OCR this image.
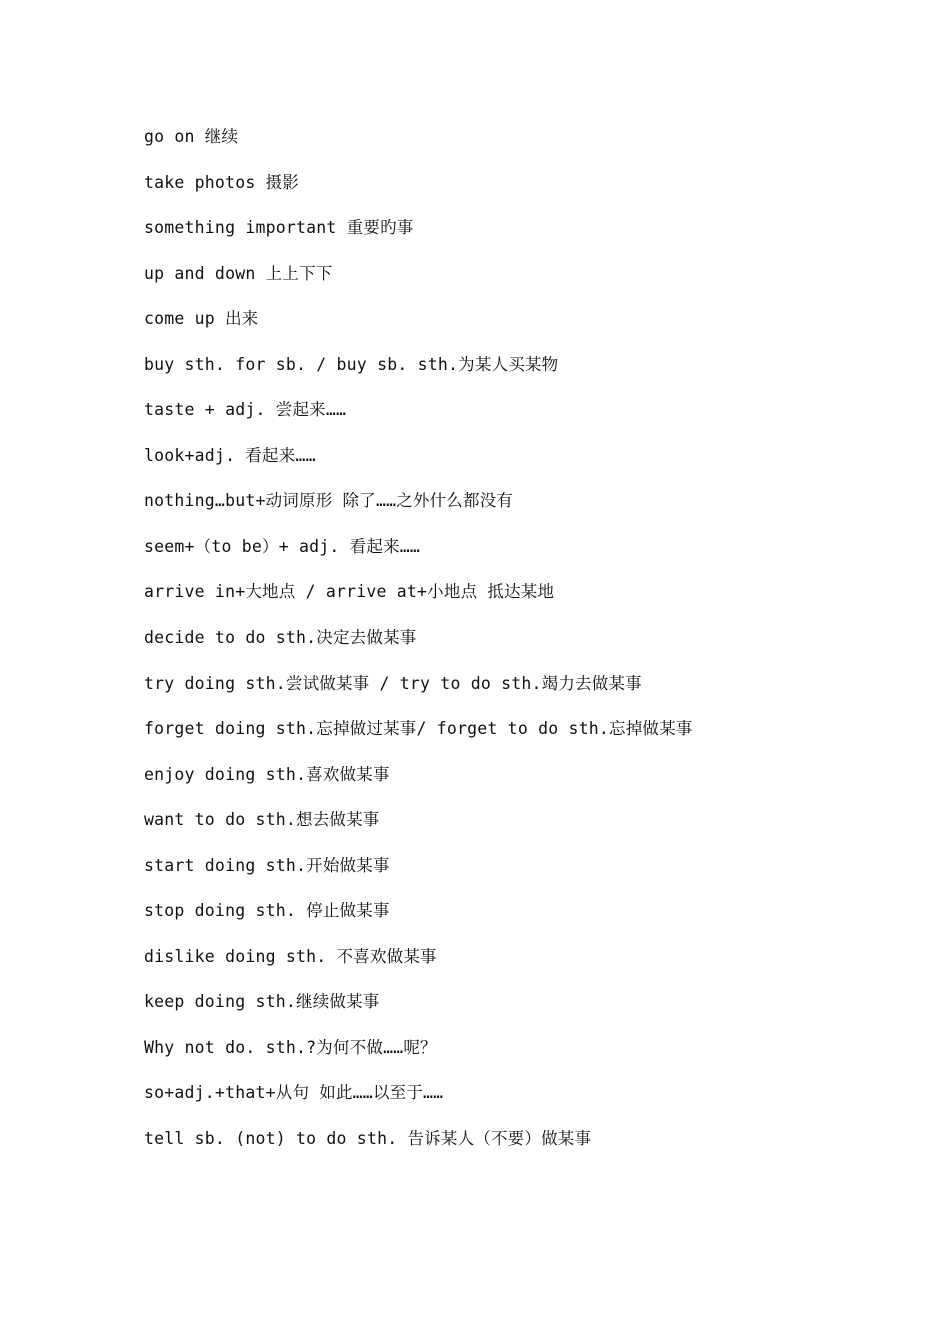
go on 继续
take photos 摄影
something important 重要旳事
up and down 上上下下
come up 出来
buy sth. for sb. / buy sb. sth.为某人买某物
taste + adj. 尝起来……
look+adj. 看起来……
nothing…but+动词原形 除了……之外什么都没有
seem+（to be）+ adj. 看起来……
arrive in+大地点 / arrive at+小地点 抵达某地
decide to do sth.决定去做某事
try doing sth.尝试做某事 / try to do sth.竭力去做某事
forget doing sth.忘掉做过某事/ forget to do sth.忘掉做某事
enjoy doing sth.喜欢做某事
want to do sth.想去做某事
start doing sth.开始做某事
stop doing sth. 停止做某事
dislike doing sth. 不喜欢做某事
keep doing sth.继续做某事
Why not do. sth.?为何不做……呢？
so+adj.+that+从句 如此……以至于……
tell sb. (not) to do sth. 告诉某人（不要）做某事
